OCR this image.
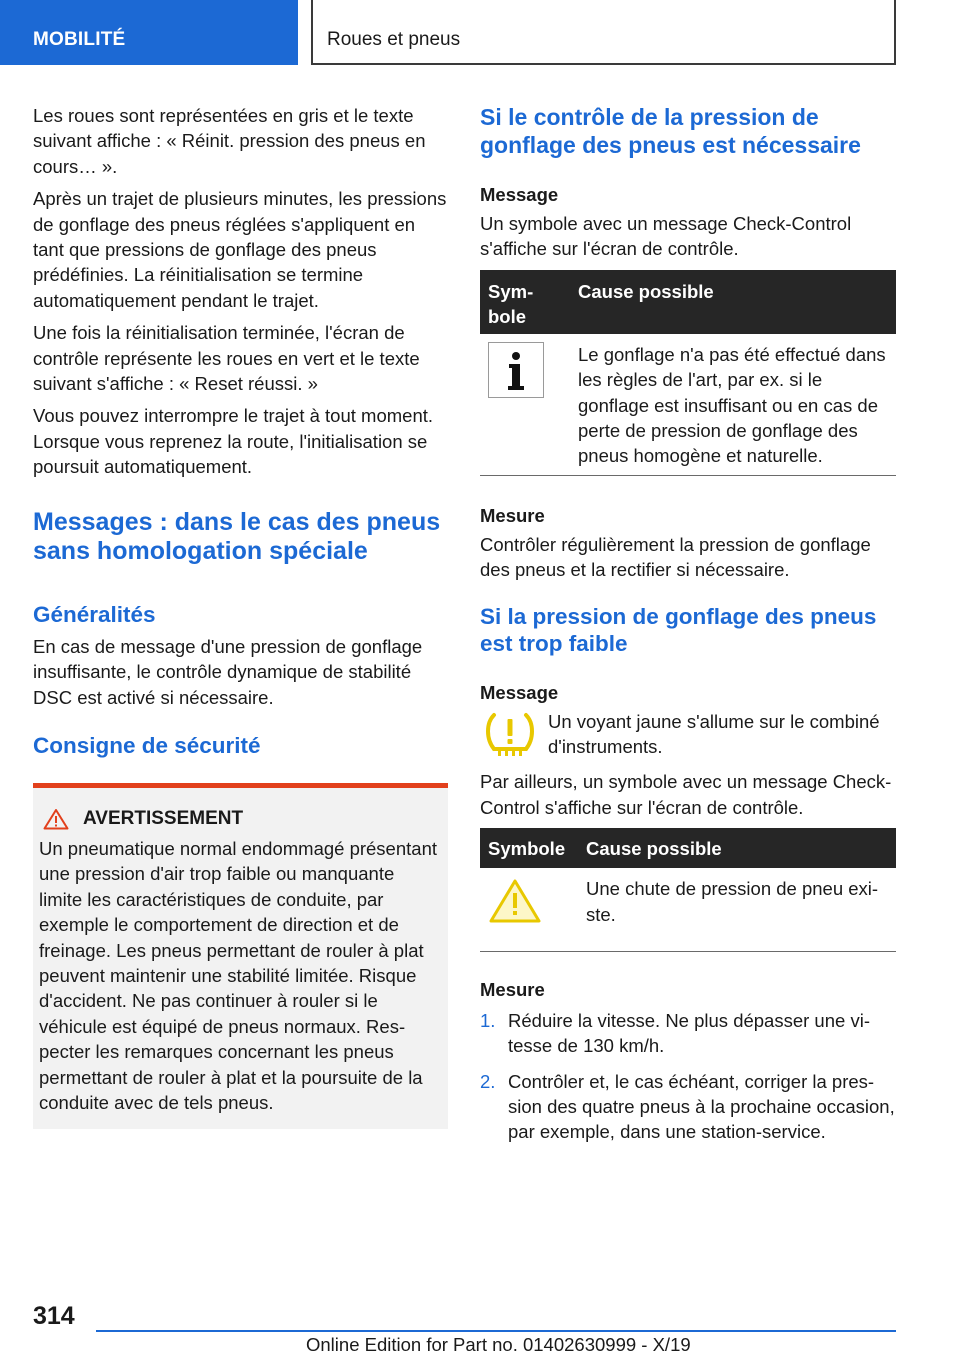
MOBILITÉ	Roues et pneus

Les roues sont représentées en gris et le texte suivant affiche : « Réinit. pression des pneus en cours… ».

Après un trajet de plusieurs minutes, les pressions de gonflage des pneus réglées s'appliquent en tant que pressions de gonflage des pneus prédéfinies. La réinitialisation se termine automatiquement pendant le trajet.

Une fois la réinitialisation terminée, l'écran de contrôle représente les roues en vert et le texte suivant s'affiche : « Reset réussi. »

Vous pouvez interrompre le trajet à tout moment. Lorsque vous reprenez la route, l'initialisation se poursuit automatiquement.

Messages : dans le cas des pneus sans homologation spéciale
Généralités

En cas de message d'une pression de gonflage insuffisante, le contrôle dynamique de stabilité DSC est activé si nécessaire.

Consigne de sécurité
AVERTISSEMENT

Un pneumatique normal endommagé présentant une pression d'air trop faible ou manquante limite les caractéristiques de conduite, par exemple le comportement de direction et de freinage. Les pneus permettant de rouler à plat peuvent maintenir une stabilité limitée. Risque d'accident. Ne pas continuer à rouler si le véhicule est équipé de pneus normaux. Respecter les remarques concernant les pneus permettant de rouler à plat et la poursuite de la conduite avec de tels pneus.

Si le contrôle de la pression de gonflage des pneus est nécessaire
Message

Un symbole avec un message Check-Control s'affiche sur l'écran de contrôle.

Symbole	Cause possible
	Le gonflage n'a pas été effectué dans les règles de l'art, par ex. si le gonflage est insuffisant ou en cas de perte de pression de gonflage des pneus homogène et naturelle.
Mesure

Contrôler régulièrement la pression de gonflage des pneus et la rectifier si nécessaire.

Si la pression de gonflage des pneus est trop faible
Message

Un voyant jaune s'allume sur le combiné d'instruments.

Par ailleurs, un symbole avec un message Check-Control s'affiche sur l'écran de contrôle.

Symbole	Cause possible
	Une chute de pression de pneu existe.
Mesure
1. Réduire la vitesse. Ne plus dépasser une vitesse de 130 km/h.
2. Contrôler et, le cas échéant, corriger la pression des quatre pneus à la prochaine occasion, par exemple, dans une station-service.
314
Online Edition for Part no. 01402630999 - X/19
